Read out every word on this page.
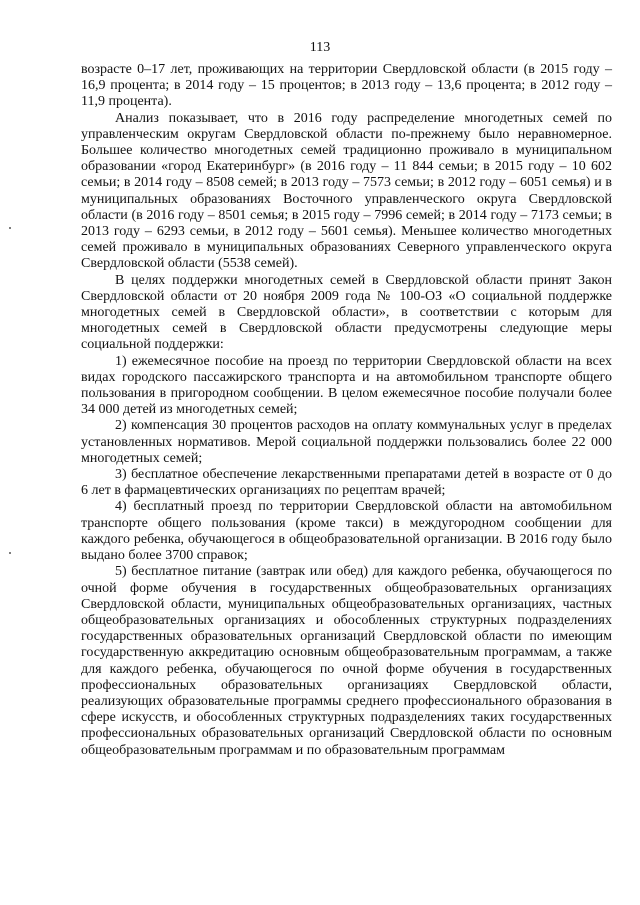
113

возрасте 0–17 лет, проживающих на территории Свердловской области (в 2015 году – 16,9 процента; в 2014 году – 15 процентов; в 2013 году – 13,6 процента; в 2012 году – 11,9 процента).

Анализ показывает, что в 2016 году распределение многодетных семей по управленческим округам Свердловской области по-прежнему было неравномерное. Большее количество многодетных семей традиционно проживало в муниципальном образовании «город Екатеринбург» (в 2016 году – 11 844 семьи; в 2015 году – 10 602 семьи; в 2014 году – 8508 семей; в 2013 году – 7573 семьи; в 2012 году – 6051 семья) и в муниципальных образованиях Восточного управленческого округа Свердловской области (в 2016 году – 8501 семья; в 2015 году – 7996 семей; в 2014 году – 7173 семьи; в 2013 году – 6293 семьи, в 2012 году – 5601 семья). Меньшее количество многодетных семей проживало в муниципальных образованиях Северного управленческого округа Свердловской области (5538 семей).

В целях поддержки многодетных семей в Свердловской области принят Закон Свердловской области от 20 ноября 2009 года № 100-ОЗ «О социальной поддержке многодетных семей в Свердловской области», в соответствии с которым для многодетных семей в Свердловской области предусмотрены следующие меры социальной поддержки:

1) ежемесячное пособие на проезд по территории Свердловской области на всех видах городского пассажирского транспорта и на автомобильном транспорте общего пользования в пригородном сообщении. В целом ежемесячное пособие получали более 34 000 детей из многодетных семей;

2) компенсация 30 процентов расходов на оплату коммунальных услуг в пределах установленных нормативов. Мерой социальной поддержки пользовались более 22 000 многодетных семей;

3) бесплатное обеспечение лекарственными препаратами детей в возрасте от 0 до 6 лет в фармацевтических организациях по рецептам врачей;

4) бесплатный проезд по территории Свердловской области на автомобильном транспорте общего пользования (кроме такси) в междугородном сообщении для каждого ребенка, обучающегося в общеобразовательной организации. В 2016 году было выдано более 3700 справок;

5) бесплатное питание (завтрак или обед) для каждого ребенка, обучающегося по очной форме обучения в государственных общеобразовательных организациях Свердловской области, муниципальных общеобразовательных организациях, частных общеобразовательных организациях и обособленных структурных подразделениях государственных образовательных организаций Свердловской области по имеющим государственную аккредитацию основным общеобразовательным программам, а также для каждого ребенка, обучающегося по очной форме обучения в государственных профессиональных образовательных организациях Свердловской области, реализующих образовательные программы среднего профессионального образования в сфере искусств, и обособленных структурных подразделениях таких государственных профессиональных образовательных организаций Свердловской области по основным общеобразовательным программам и по образовательным программам
